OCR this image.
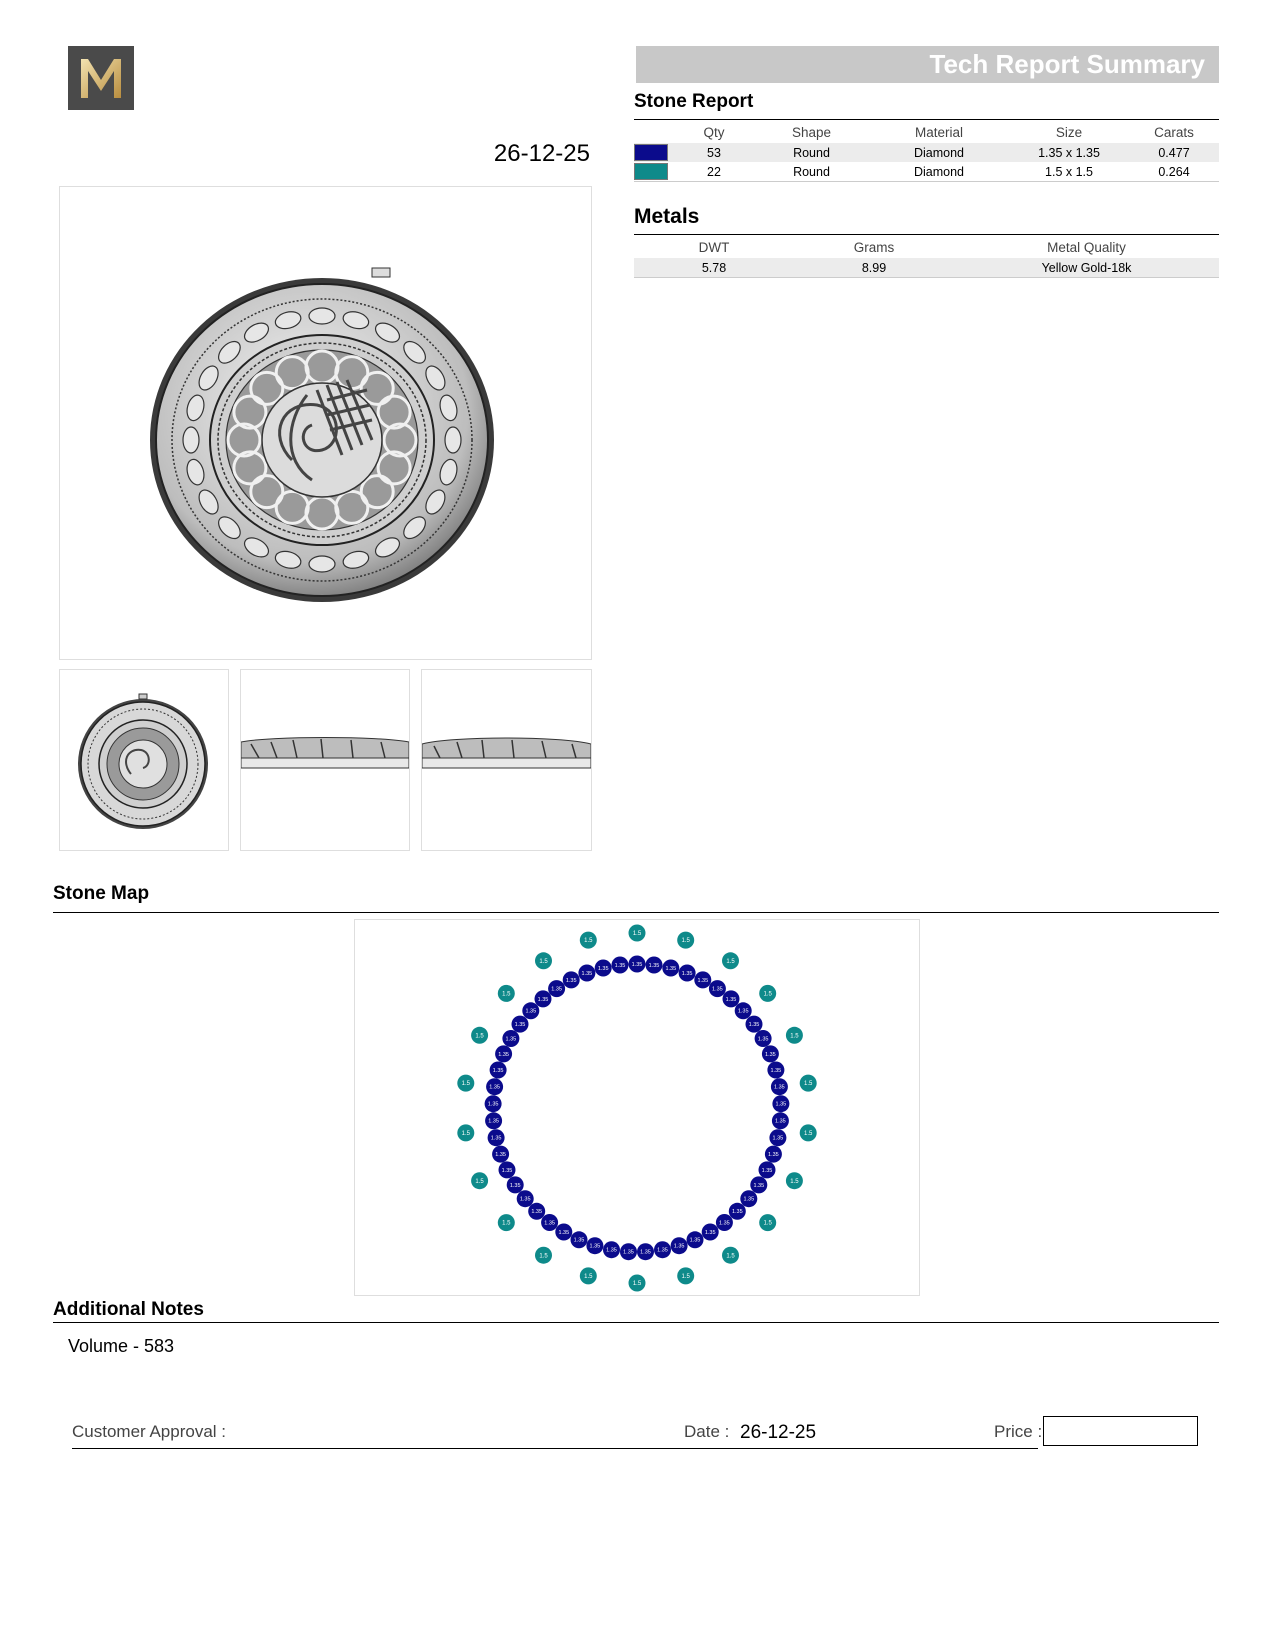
Tech Report Summary
26-12-25
Stone Report
	Qty	Shape	Material	Size	Carats

	53	Round	Diamond	1.35 x 1.35	0.477

	22	Round	Diamond	1.5 x 1.5	0.264
Metals
DWT	Grams	Metal Quality
5.78	8.99	Yellow Gold-18k
Stone Map
1.5
1.5
1.5
1.5
1.5
1.5
1.5
1.5
1.5
1.5
1.5
1.5
1.5
1.5
1.5
1.5
1.5
1.5
1.5
1.5
1.5
1.5
1.35 1.35
1.35
1.35
1.35
1.35
1.35
1.35
1.35
1.35
1.35
1.35
1.35
1.35
1.35
1.35
1.35
1.35
1.35
1.35
1.35
1.35
1.35
1.35
1.35
1.35
1.35
1.35
1.35
1.35
1.35
1.35
1.35
1.35
1.35
1.35
1.35
1.35
1.35
1.35
1.35
1.35
1.35
1.35
1.35
1.35
1.35
1.35
1.35
1.35
1.35
1.35
1.35
Additional Notes
Volume - 583
Customer Approval :	Date : 26-12-25	Price :
